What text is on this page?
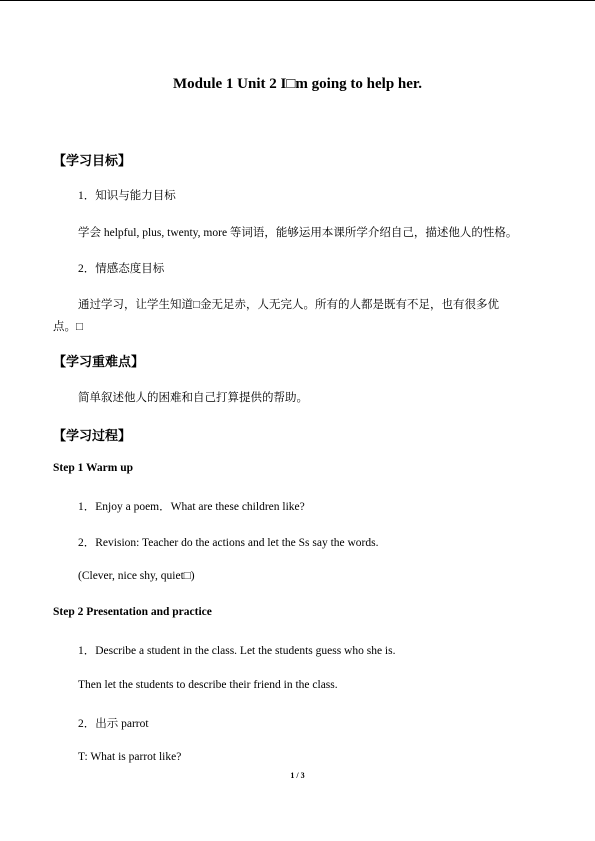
Module 1 Unit 2 I□m going to help her.
【学习目标】
1．知识与能力目标
学会 helpful, plus, twenty, more 等词语，能够运用本课所学介绍自己，描述他人的性格。
2．情感态度目标
通过学习，让学生知道□金无足赤，人无完人。所有的人都是既有不足，也有很多优
点。□
【学习重难点】
简单叙述他人的困难和自己打算提供的帮助。
【学习过程】
Step 1 Warm up
1．Enjoy a poem．What are these children like?
2．Revision: Teacher do the actions and let the Ss say the words.
(Clever, nice shy, quiet□)
Step 2 Presentation and practice
1．Describe a student in the class. Let the students guess who she is.
Then let the students to describe their friend in the class.
2．出示 parrot
T: What is parrot like?
1 / 3
